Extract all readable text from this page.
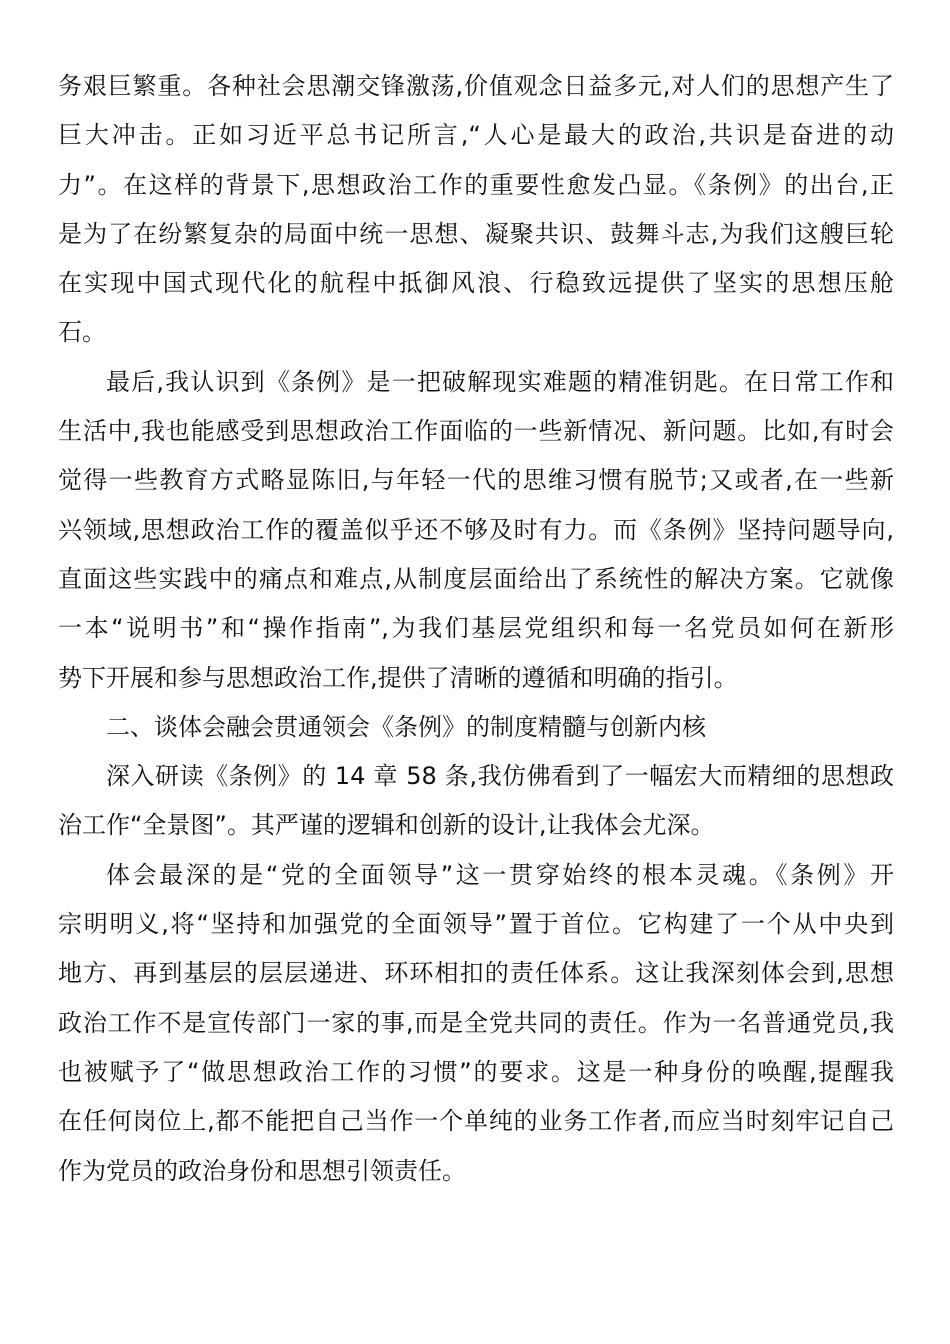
务艰巨繁重。各种社会思潮交锋激荡,价值观念日益多元,对人们的思想产生了
巨大冲击。正如习近平总书记所言,“人心是最大的政治,共识是奋进的动
力”。在这样的背景下,思想政治工作的重要性愈发凸显。《条例》的出台,正
是为了在纷繁复杂的局面中统一思想、凝聚共识、鼓舞斗志,为我们这艘巨轮
在实现中国式现代化的航程中抵御风浪、行稳致远提供了坚实的思想压舱
石。
最后,我认识到《条例》是一把破解现实难题的精准钥匙。在日常工作和
生活中,我也能感受到思想政治工作面临的一些新情况、新问题。比如,有时会
觉得一些教育方式略显陈旧,与年轻一代的思维习惯有脱节;又或者,在一些新
兴领域,思想政治工作的覆盖似乎还不够及时有力。而《条例》坚持问题导向,
直面这些实践中的痛点和难点,从制度层面给出了系统性的解决方案。它就像
一本“说明书”和“操作指南”,为我们基层党组织和每一名党员如何在新形
势下开展和参与思想政治工作,提供了清晰的遵循和明确的指引。
二、谈体会融会贯通领会《条例》的制度精髓与创新内核
深入研读《条例》的 14 章 58 条,我仿佛看到了一幅宏大而精细的思想政
治工作“全景图”。其严谨的逻辑和创新的设计,让我体会尤深。
体会最深的是“党的全面领导”这一贯穿始终的根本灵魂。《条例》开
宗明明义,将“坚持和加强党的全面领导”置于首位。它构建了一个从中央到
地方、再到基层的层层递进、环环相扣的责任体系。这让我深刻体会到,思想
政治工作不是宣传部门一家的事,而是全党共同的责任。作为一名普通党员,我
也被赋予了“做思想政治工作的习惯”的要求。这是一种身份的唤醒,提醒我
在任何岗位上,都不能把自己当作一个单纯的业务工作者,而应当时刻牢记自己
作为党员的政治身份和思想引领责任。
